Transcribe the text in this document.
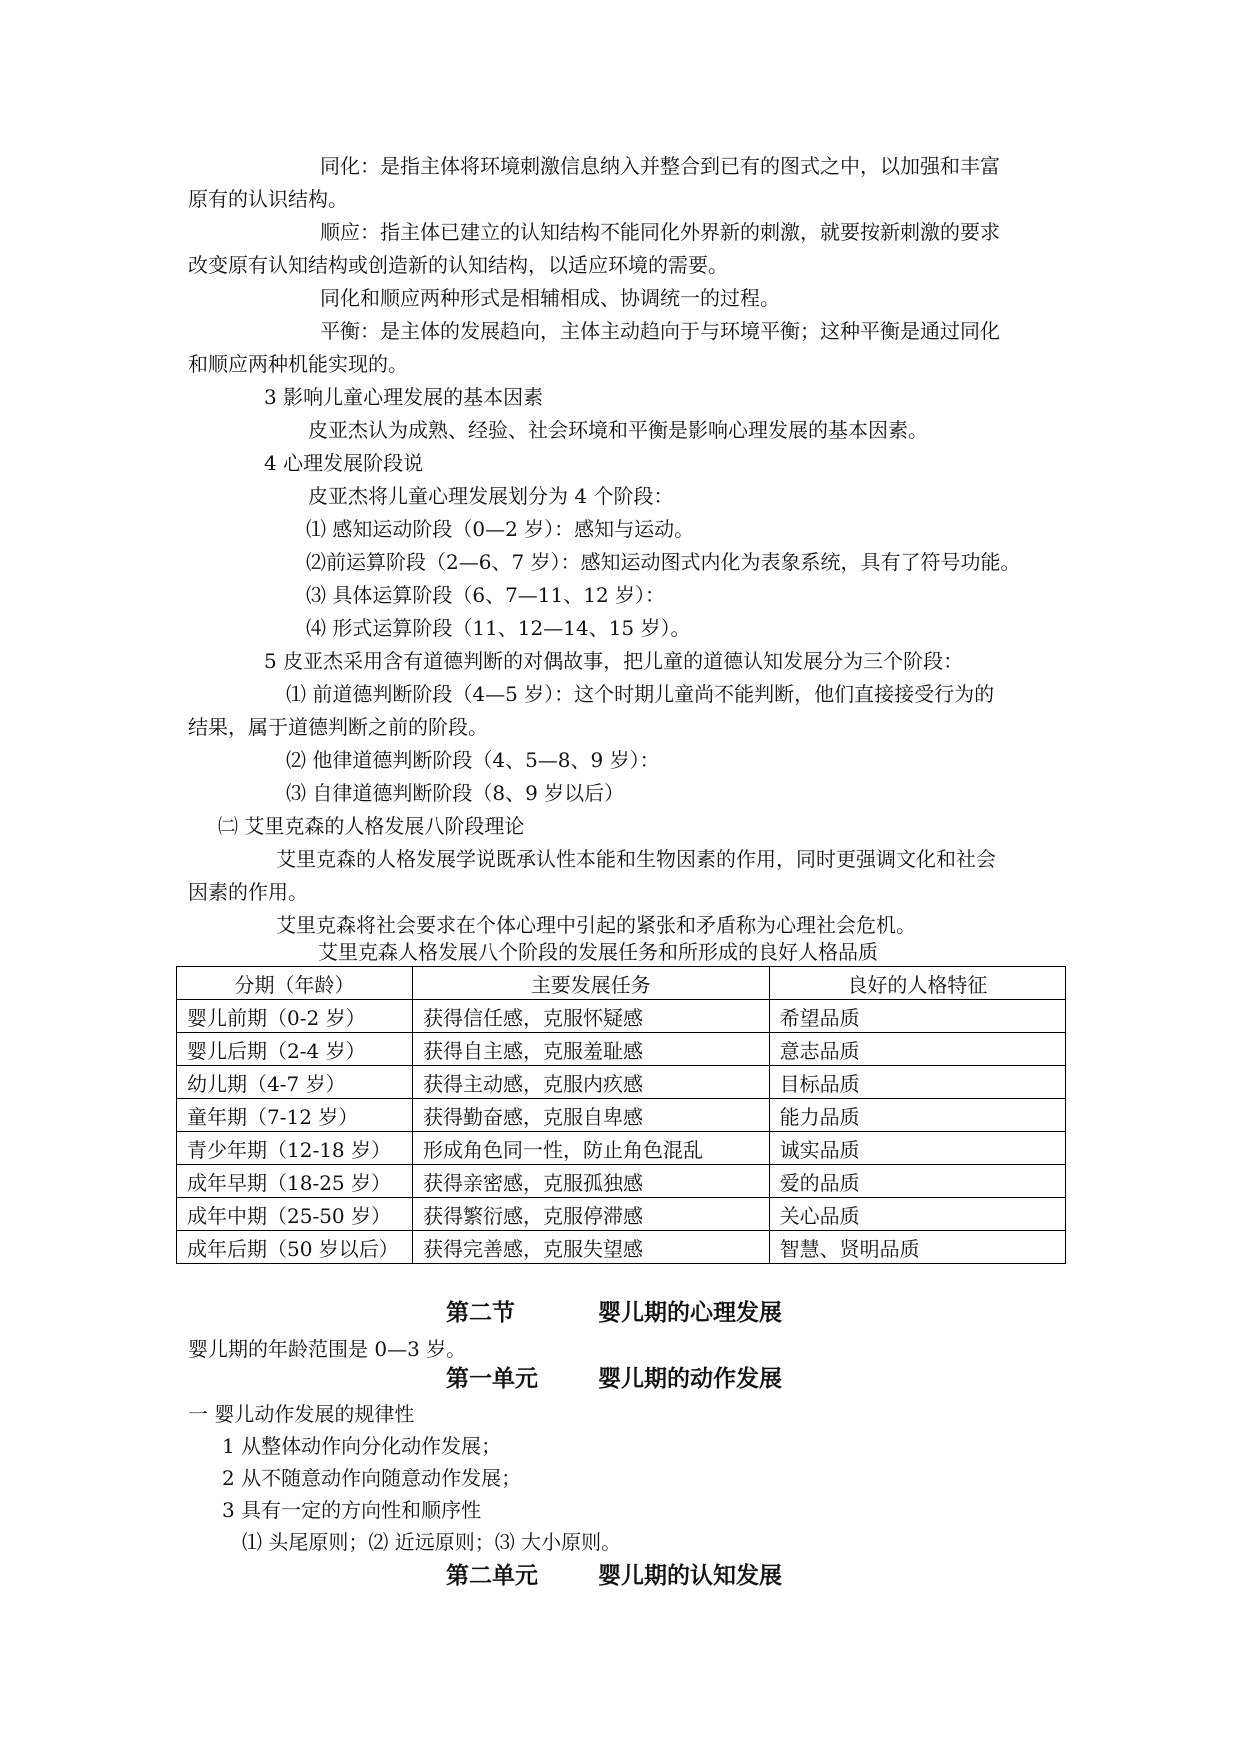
同化：是指主体将环境刺激信息纳入并整合到已有的图式之中，以加强和丰富
原有的认识结构。
顺应：指主体已建立的认知结构不能同化外界新的刺激，就要按新刺激的要求
改变原有认知结构或创造新的认知结构，以适应环境的需要。
同化和顺应两种形式是相辅相成、协调统一的过程。
平衡：是主体的发展趋向，主体主动趋向于与环境平衡；这种平衡是通过同化
和顺应两种机能实现的。
3 影响儿童心理发展的基本因素
皮亚杰认为成熟、经验、社会环境和平衡是影响心理发展的基本因素。
4 心理发展阶段说
皮亚杰将儿童心理发展划分为 4 个阶段：
⑴ 感知运动阶段（0—2 岁）：感知与运动。
⑵前运算阶段（2—6、7 岁）：感知运动图式内化为表象系统，具有了符号功能。
⑶ 具体运算阶段（6、7—11、12 岁）：
⑷ 形式运算阶段（11、12—14、15 岁）。
5 皮亚杰采用含有道德判断的对偶故事，把儿童的道德认知发展分为三个阶段：
⑴ 前道德判断阶段（4—5 岁）：这个时期儿童尚不能判断，他们直接接受行为的
结果，属于道德判断之前的阶段。
⑵ 他律道德判断阶段（4、5—8、9 岁）：
⑶ 自律道德判断阶段（8、9 岁以后）
㈡ 艾里克森的人格发展八阶段理论
艾里克森的人格发展学说既承认性本能和生物因素的作用，同时更强调文化和社会
因素的作用。
艾里克森将社会要求在个体心理中引起的紧张和矛盾称为心理社会危机。
艾里克森人格发展八个阶段的发展任务和所形成的良好人格品质
分期（年龄）	主要发展任务	良好的人格特征
婴儿前期（0-2 岁）	获得信任感，克服怀疑感	希望品质
婴儿后期（2-4 岁）	获得自主感，克服羞耻感	意志品质
幼儿期（4-7 岁）	获得主动感，克服内疚感	目标品质
童年期（7-12 岁）	获得勤奋感，克服自卑感	能力品质
青少年期（12-18 岁）	形成角色同一性，防止角色混乱	诚实品质
成年早期（18-25 岁）	获得亲密感，克服孤独感	爱的品质
成年中期（25-50 岁）	获得繁衍感，克服停滞感	关心品质
成年后期（50 岁以后）	获得完善感，克服失望感	智慧、贤明品质
第二节	婴儿期的心理发展
婴儿期的年龄范围是 0—3 岁。
第一单元	婴儿期的动作发展
一 婴儿动作发展的规律性
1 从整体动作向分化动作发展；
2 从不随意动作向随意动作发展；
3 具有一定的方向性和顺序性
⑴ 头尾原则；⑵ 近远原则；⑶ 大小原则。
第二单元	婴儿期的认知发展
